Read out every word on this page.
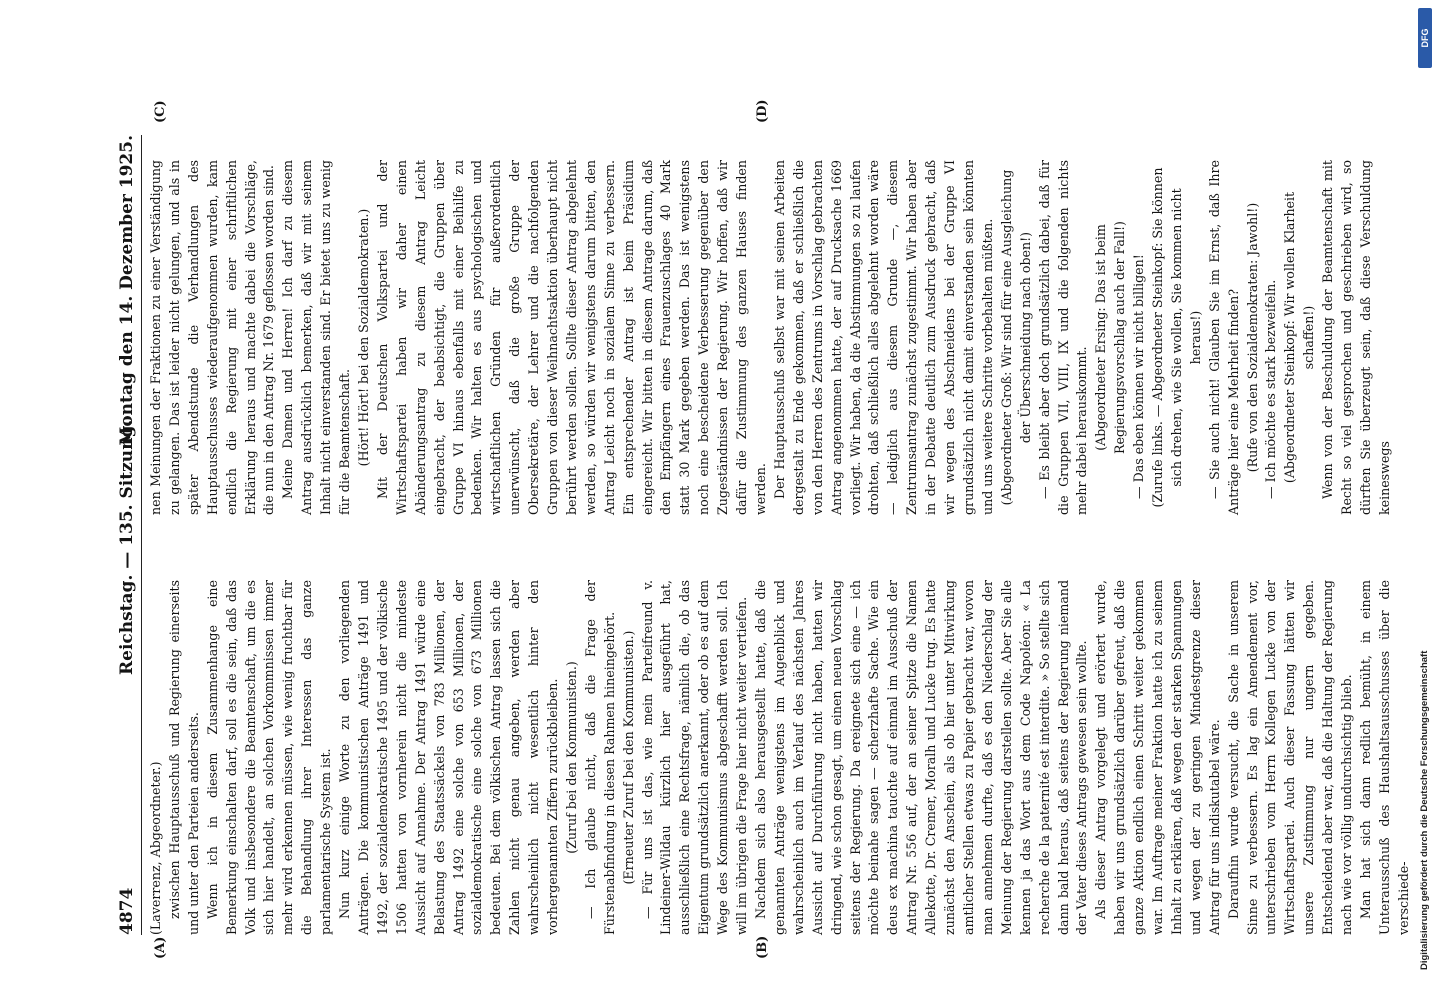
4874
Reichstag. — 135. Sitzung.
Montag den 14. Dezember 1925.
(A)	(B)
(C)	(D)

(Laverrenz, Abgeordneter.) zwischen Hauptausschuß und Regierung einerseits und unter den Parteien anderseits. Wenn ich in diesem Zusammenhange eine Bemerkung einschalten darf, soll es die sein, daß das Volk und insbesondere die Beamtenschaft, um die es sich hier handelt, an solchen Vorkommnissen immer mehr wird erkennen müssen, wie wenig fruchtbar für die Behandlung ihrer Interessen das ganze parlamentarische System ist. Nun kurz einige Worte zu den vorliegenden Anträgen. Die kommunistischen Anträge 1491 und 1492, der sozialdemokratische 1495 und der völkische 1506 hatten von vornherein nicht die mindeste Aussicht auf Annahme. Der Antrag 1491 würde eine Belastung des Staatssäckels von 783 Millionen, der Antrag 1492 eine solche von 653 Millionen, der sozialdemokratische eine solche von 673 Millionen bedeuten. Bei dem völkischen Antrag lassen sich die Zahlen nicht genau angeben, werden aber wahrscheinlich nicht wesentlich hinter den vorhergenannten Ziffern zurückbleiben. (Zuruf bei den Kommunisten.) — Ich glaube nicht, daß die Frage der Fürstenabfindung in diesen Rahmen hineingehört. (Erneuter Zuruf bei den Kommunisten.) — Für uns ist das, wie mein Parteifreund v. Lindeiner-Wildau kürzlich hier ausgeführt hat, ausschließlich eine Rechtsfrage, nämlich die, ob das Eigentum grundsätzlich anerkannt, oder ob es auf dem Wege des Kommunismus abgeschafft werden soll. Ich will im übrigen die Frage hier nicht weiter vertiefen. Nachdem sich also herausgestellt hatte, daß die genannten Anträge wenigstens im Augenblick und wahrscheinlich auch im Verlauf des nächsten Jahres Aussicht auf Durchführung nicht haben, hatten wir dringend, wie schon gesagt, um einen neuen Vorschlag seitens der Regierung. Da ereignete sich eine — ich möchte beinahe sagen — scherzhafte Sache. Wie ein deus ex machina tauchte auf einmal im Ausschuß der Antrag Nr. 556 auf, der an seiner Spitze die Namen Allekotte, Dr. Cremer, Moralh und Lucke trug. Es hatte zunächst den Anschein, als ob hier unter Mitwirkung amtlicher Stellen etwas zu Papier gebracht war, wovon man annehmen durfte, daß es den Niederschlag der Meinung der Regierung darstellen sollte. Aber Sie alle kennen ja das Wort aus dem Code Napoléon: « La recherche de la paternité est interdite. » So stellte sich dann bald heraus, daß seitens der Regierung niemand der Vater dieses Antrags gewesen sein wollte. Als dieser Antrag vorgelegt und erörtert wurde, haben wir uns grundsätzlich darüber gefreut, daß die ganze Aktion endlich einen Schritt weiter gekommen war. Im Auftrage meiner Fraktion hatte ich zu seinem Inhalt zu erklären, daß wegen der starken Spannungen und wegen der zu geringen Mindestgrenze dieser Antrag für uns indiskutabel wäre. Daraufhin wurde versucht, die Sache in unserem Sinne zu verbessern. Es lag ein Amendement vor, unterschrieben vom Herrn Kollegen Lucke von der Wirtschaftspartei. Auch dieser Fassung hätten wir unsere Zustimmung nur ungern gegeben. Entscheidend aber war, daß die Haltung der Regierung nach wie vor völlig undurchsichtig blieb. Man hat sich dann redlich bemüht, in einem Unterausschuß des Haushaltsausschusses über die verschiede-

nen Meinungen der Fraktionen zu einer Verständigung zu gelangen. Das ist leider nicht gelungen, und als in später Abendstunde die Verhandlungen des Hauptausschusses wiederaufgenommen wurden, kam endlich die Regierung mit einer schriftlichen Erklärung heraus und machte dabei die Vorschläge, die nun in den Antrag Nr. 1679 geflossen worden sind. Meine Damen und Herren! Ich darf zu diesem Antrag ausdrücklich bemerken, daß wir mit seinem Inhalt nicht einverstanden sind. Er bietet uns zu wenig für die Beamtenschaft. (Hört! Hört! bei den Sozialdemokraten.) Mit der Deutschen Volkspartei und der Wirtschaftspartei haben wir daher einen Abänderungsantrag zu diesem Antrag Leicht eingebracht, der beabsichtigt, die Gruppen über Gruppe VI hinaus ebenfalls mit einer Beihilfe zu bedenken. Wir halten es aus psychologischen und wirtschaftlichen Gründen für außerordentlich unerwünscht, daß die große Gruppe der Obersekretäre, der Lehrer und die nachfolgenden Gruppen von dieser Weihnachtsaktion überhaupt nicht berührt werden sollen. Sollte dieser Antrag abgelehnt werden, so würden wir wenigstens darum bitten, den Antrag Leicht noch in sozialem Sinne zu verbessern. Ein entsprechender Antrag ist beim Präsidium eingereicht. Wir bitten in diesem Antrage darum, daß den Empfängern eines Frauenzuschlages 40 Mark statt 30 Mark gegeben werden. Das ist wenigstens noch eine bescheidene Verbesserung gegenüber den Zugeständnissen der Regierung. Wir hoffen, daß wir dafür die Zustimmung des ganzen Hauses finden werden. Der Hauptausschuß selbst war mit seinen Arbeiten dergestalt zu Ende gekommen, daß er schließlich die von den Herren des Zentrums in Vorschlag gebrachten Antrag angenommen hatte, der auf Drucksache 1669 vorliegt. Wir haben, da die Abstimmungen so zu laufen drohten, daß schließlich alles abgelehnt worden wäre — lediglich aus diesem Grunde —, diesem Zentrumsantrag zunächst zugestimmt. Wir haben aber in der Debatte deutlich zum Ausdruck gebracht, daß wir wegen des Abschneidens bei der Gruppe VI grundsätzlich nicht damit einverstanden sein könnten und uns weitere Schritte vorbehalten müßten. (Abgeordneter Groß: Wir sind für eine Ausgleichung der Überschneidung nach oben!) — Es bleibt aber doch grundsätzlich dabei, daß für die Gruppen VII, VIII, IX und die folgenden nichts mehr dabei herauskommt. (Abgeordneter Ersing: Das ist beim Regierungsvorschlag auch der Fall!) — Das eben können wir nicht billigen! (Zurufe links. — Abgeordneter Steinkopf: Sie können sich drehen, wie Sie wollen, Sie kommen nicht heraus!) — Sie auch nicht! Glauben Sie im Ernst, daß Ihre Anträge hier eine Mehrheit finden? (Rufe von den Sozialdemokraten: Jawohl!) — Ich möchte es stark bezweifeln. (Abgeordneter Steinkopf: Wir wollen Klarheit schaffen!) Wenn von der Beschuldung der Beamtenschaft mit Recht so viel gesprochen und geschrieben wird, so dürften Sie überzeugt sein, daß diese Verschuldung keineswegs

DFG
Digitalisierung gefördert durch die Deutsche Forschungsgemeinschaft
